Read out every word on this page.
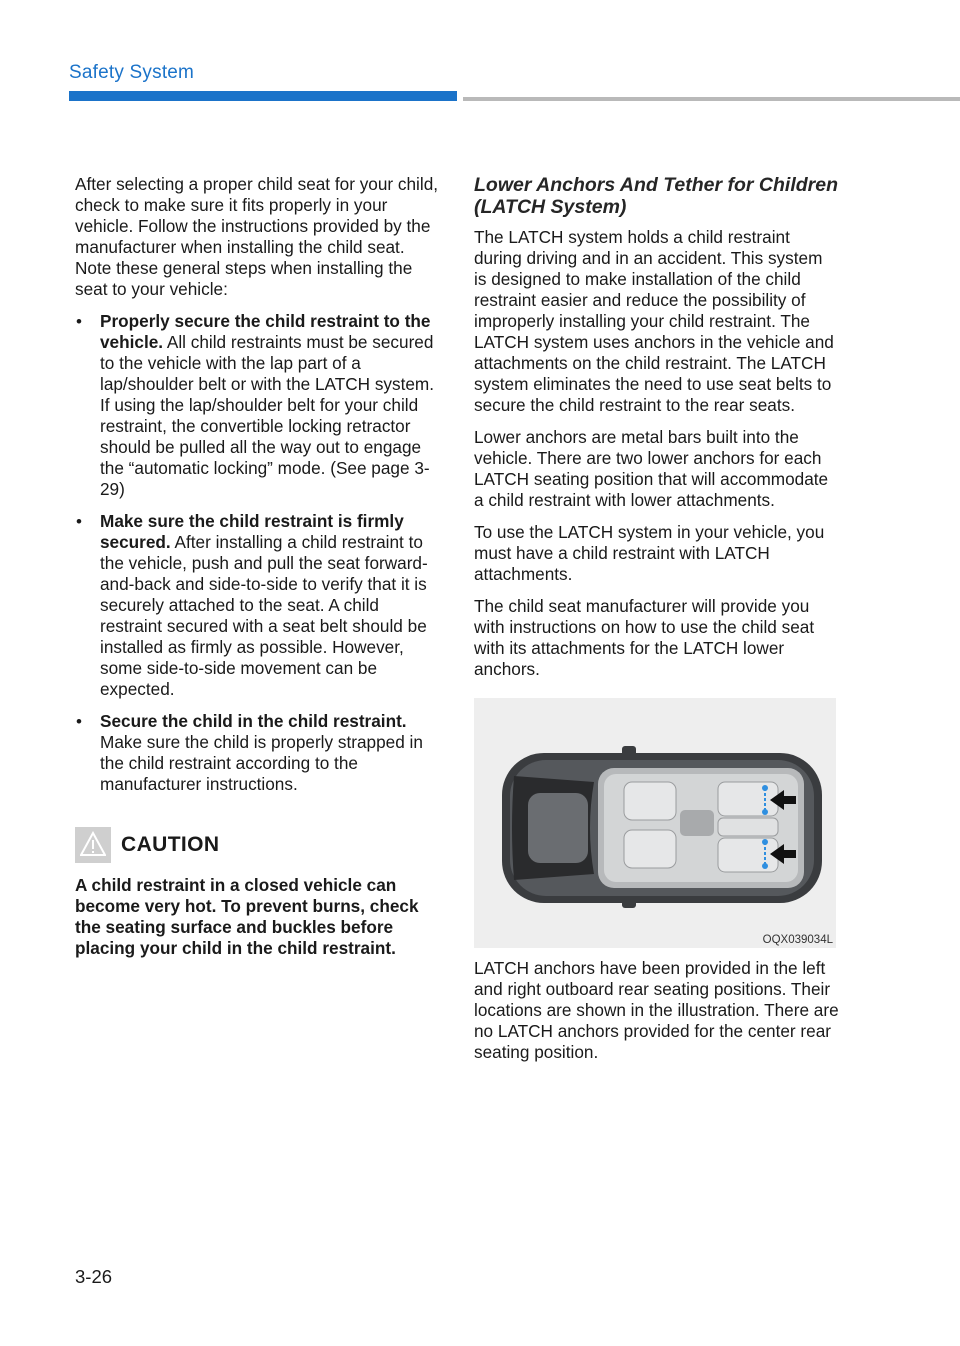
Safety System

After selecting a proper child seat for your child, check to make sure it fits properly in your vehicle. Follow the instructions provided by the manufacturer when installing the child seat. Note these general steps when installing the seat to your vehicle:

• Properly secure the child restraint to the vehicle. All child restraints must be secured to the vehicle with the lap part of a lap/shoulder belt or with the LATCH system. If using the lap/shoulder belt for your child restraint, the convertible locking retractor should be pulled all the way out to engage the “automatic locking” mode. (See page 3-29)
• Make sure the child restraint is firmly secured. After installing a child restraint to the vehicle, push and pull the seat forward-and-back and side-to-side to verify that it is securely attached to the seat. A child restraint secured with a seat belt should be installed as firmly as possible. However, some side-to-side movement can be expected.
• Secure the child in the child restraint. Make sure the child is properly strapped in the child restraint according to the manufacturer instructions.
CAUTION
A child restraint in a closed vehicle can become very hot. To prevent burns, check the seating surface and buckles before placing your child in the child restraint.
Lower Anchors And Tether for Children (LATCH System)

The LATCH system holds a child restraint during driving and in an accident. This system is designed to make installation of the child restraint easier and reduce the possibility of improperly installing your child restraint. The LATCH system uses anchors in the vehicle and attachments on the child restraint. The LATCH system eliminates the need to use seat belts to secure the child restraint to the rear seats.

Lower anchors are metal bars built into the vehicle. There are two lower anchors for each LATCH seating position that will accommodate a child restraint with lower attachments.

To use the LATCH system in your vehicle, you must have a child restraint with LATCH attachments.

The child seat manufacturer will provide you with instructions on how to use the child seat with its attachments for the LATCH lower anchors.

OQX039034L

LATCH anchors have been provided in the left and right outboard rear seating positions. Their locations are shown in the illustration. There are no LATCH anchors provided for the center rear seating position.

3-26
